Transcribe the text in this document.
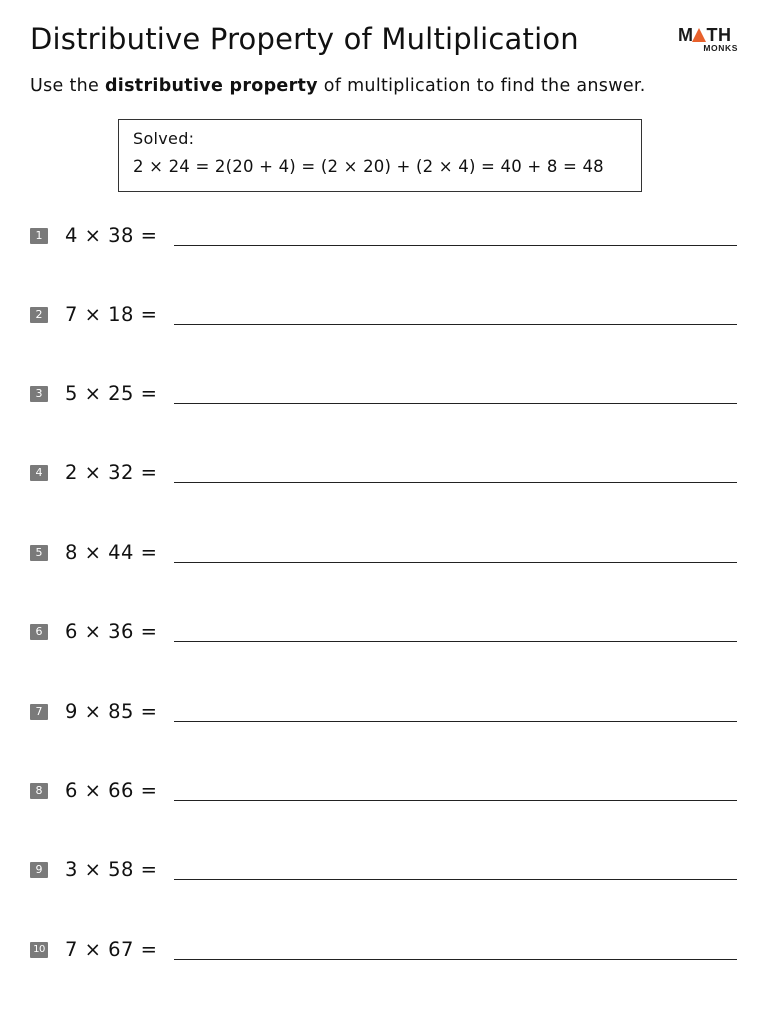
Distributive Property of Multiplication	M TH
MONKS
Use the distributive property of multiplication to find the answer.
Solved:
2 × 24 = 2(20 + 4) = (2 × 20) + (2 × 4) = 40 + 8 = 48
1 4 × 38 =
2 7 × 18 =
3 5 × 25 =
4 2 × 32 =
5 8 × 44 =
6 6 × 36 =
7 9 × 85 =
8 6 × 66 =
9 3 × 58 =
10 7 × 67 =
